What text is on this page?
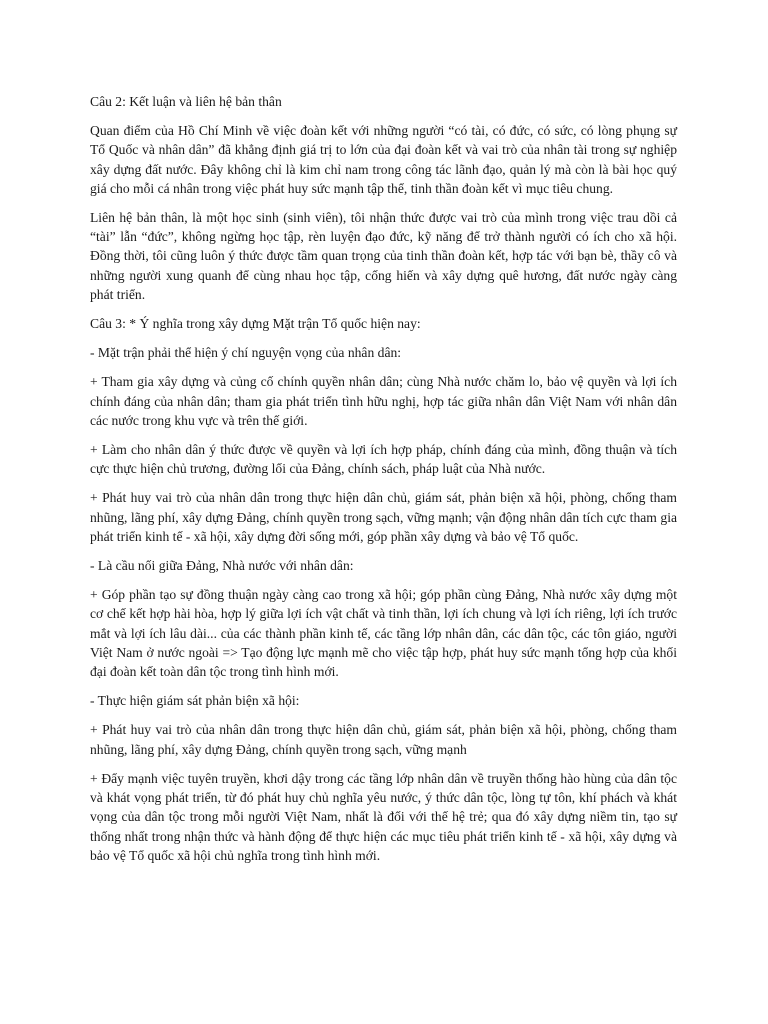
Câu 2: Kết luận và liên hệ bản thân

Quan điểm của Hồ Chí Minh về việc đoàn kết với những người “có tài, có đức, có sức, có lòng phụng sự Tổ Quốc và nhân dân” đã khẳng định giá trị to lớn của đại đoàn kết và vai trò của nhân tài trong sự nghiệp xây dựng đất nước. Đây không chỉ là kim chỉ nam trong công tác lãnh đạo, quản lý mà còn là bài học quý giá cho mỗi cá nhân trong việc phát huy sức mạnh tập thể, tinh thần đoàn kết vì mục tiêu chung.

Liên hệ bản thân, là một học sinh (sinh viên), tôi nhận thức được vai trò của mình trong việc trau dồi cả “tài” lẫn “đức”, không ngừng học tập, rèn luyện đạo đức, kỹ năng để trở thành người có ích cho xã hội. Đồng thời, tôi cũng luôn ý thức được tầm quan trọng của tinh thần đoàn kết, hợp tác với bạn bè, thầy cô và những người xung quanh để cùng nhau học tập, cống hiến và xây dựng quê hương, đất nước ngày càng phát triển.

Câu 3: * Ý nghĩa trong xây dựng Mặt trận Tổ quốc hiện nay:

- Mặt trận phải thể hiện ý chí nguyện vọng của nhân dân:

+ Tham gia xây dựng và củng cố chính quyền nhân dân; cùng Nhà nước chăm lo, bảo vệ quyền và lợi ích chính đáng của nhân dân; tham gia phát triển tình hữu nghị, hợp tác giữa nhân dân Việt Nam với nhân dân các nước trong khu vực và trên thế giới.

+ Làm cho nhân dân ý thức được về quyền và lợi ích hợp pháp, chính đáng của mình, đồng thuận và tích cực thực hiện chủ trương, đường lối của Đảng, chính sách, pháp luật của Nhà nước.

+ Phát huy vai trò của nhân dân trong thực hiện dân chủ, giám sát, phản biện xã hội, phòng, chống tham nhũng, lãng phí, xây dựng Đảng, chính quyền trong sạch, vững mạnh; vận động nhân dân tích cực tham gia phát triển kinh tế - xã hội, xây dựng đời sống mới, góp phần xây dựng và bảo vệ Tổ quốc.

- Là cầu nối giữa Đảng, Nhà nước với nhân dân:

+ Góp phần tạo sự đồng thuận ngày càng cao trong xã hội; góp phần cùng Đảng, Nhà nước xây dựng một cơ chế kết hợp hài hòa, hợp lý giữa lợi ích vật chất và tinh thần, lợi ích chung và lợi ích riêng, lợi ích trước mắt và lợi ích lâu dài... của các thành phần kinh tế, các tầng lớp nhân dân, các dân tộc, các tôn giáo, người Việt Nam ở nước ngoài => Tạo động lực mạnh mẽ cho việc tập hợp, phát huy sức mạnh tổng hợp của khối đại đoàn kết toàn dân tộc trong tình hình mới.

- Thực hiện giám sát phản biện xã hội:

+ Phát huy vai trò của nhân dân trong thực hiện dân chủ, giám sát, phản biện xã hội, phòng, chống tham nhũng, lãng phí, xây dựng Đảng, chính quyền trong sạch, vững mạnh

+ Đẩy mạnh việc tuyên truyền, khơi dậy trong các tầng lớp nhân dân về truyền thống hào hùng của dân tộc và khát vọng phát triển, từ đó phát huy chủ nghĩa yêu nước, ý thức dân tộc, lòng tự tôn, khí phách và khát vọng của dân tộc trong mỗi người Việt Nam, nhất là đối với thế hệ trẻ; qua đó xây dựng niềm tin, tạo sự thống nhất trong nhận thức và hành động để thực hiện các mục tiêu phát triển kinh tế - xã hội, xây dựng và bảo vệ Tổ quốc xã hội chủ nghĩa trong tình hình mới.
